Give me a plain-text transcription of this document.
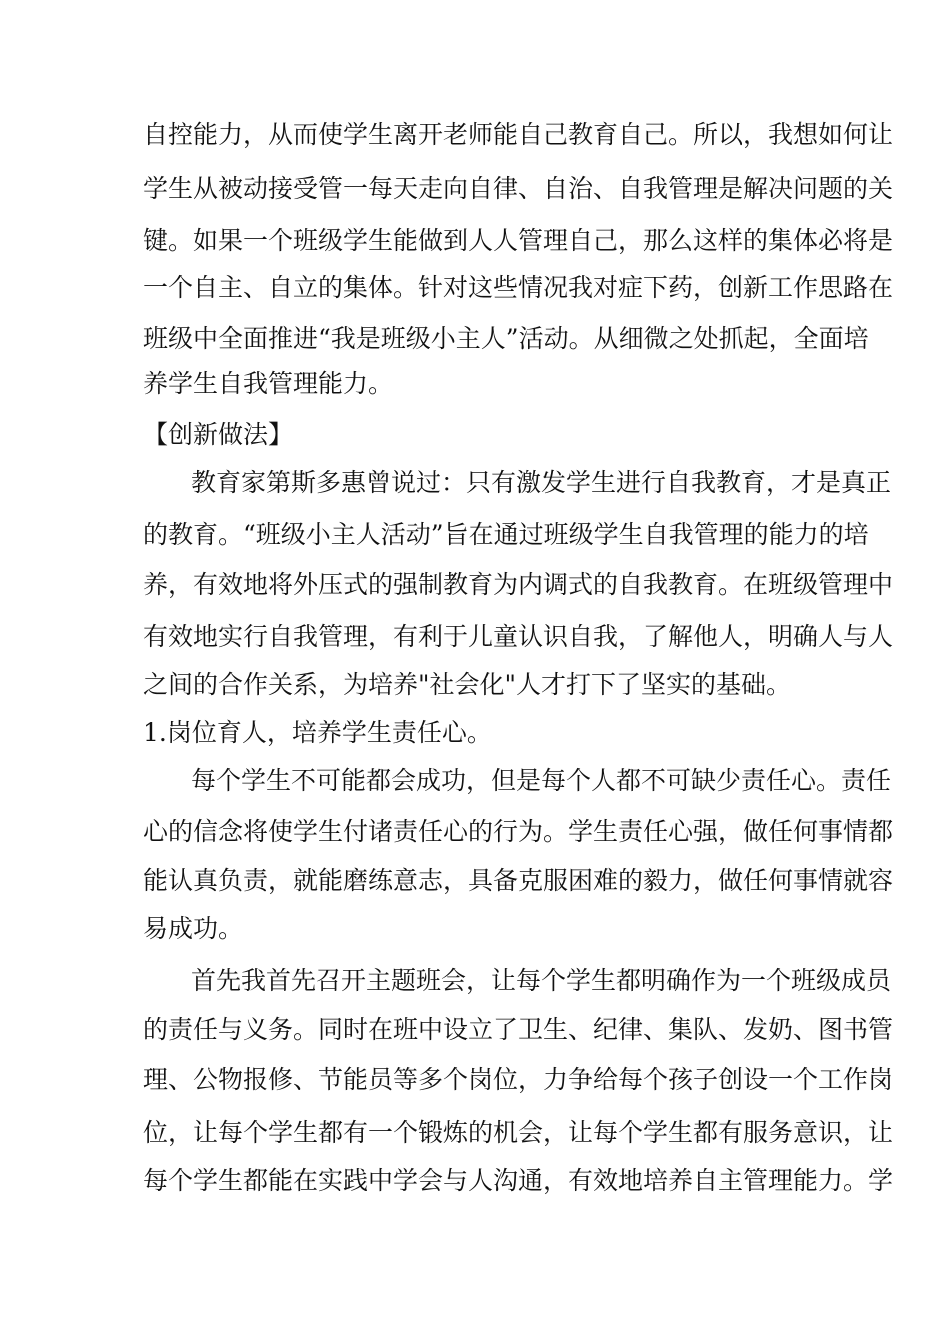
自控能力，从而使学生离开老师能自己教育自己。所以，我想如何让
学生从被动接受管一每天走向自律、自治、自我管理是解决问题的关
键。如果一个班级学生能做到人人管理自己，那么这样的集体必将是
一个自主、自立的集体。针对这些情况我对症下药，创新工作思路在
班级中全面推进“我是班级小主人”活动。从细微之处抓起，全面培
养学生自我管理能力。
【创新做法】
教育家第斯多惠曾说过：只有激发学生进行自我教育，才是真正
的教育。“班级小主人活动”旨在通过班级学生自我管理的能力的培
养，有效地将外压式的强制教育为内调式的自我教育。在班级管理中
有效地实行自我管理，有利于儿童认识自我，了解他人，明确人与人
之间的合作关系，为培养"社会化"人才打下了坚实的基础。
1.岗位育人，培养学生责任心。
每个学生不可能都会成功，但是每个人都不可缺少责任心。责任
心的信念将使学生付诸责任心的行为。学生责任心强，做任何事情都
能认真负责，就能磨练意志，具备克服困难的毅力，做任何事情就容
易成功。
首先我首先召开主题班会，让每个学生都明确作为一个班级成员
的责任与义务。同时在班中设立了卫生、纪律、集队、发奶、图书管
理、公物报修、节能员等多个岗位，力争给每个孩子创设一个工作岗
位，让每个学生都有一个锻炼的机会，让每个学生都有服务意识，让
每个学生都能在实践中学会与人沟通，有效地培养自主管理能力。学
